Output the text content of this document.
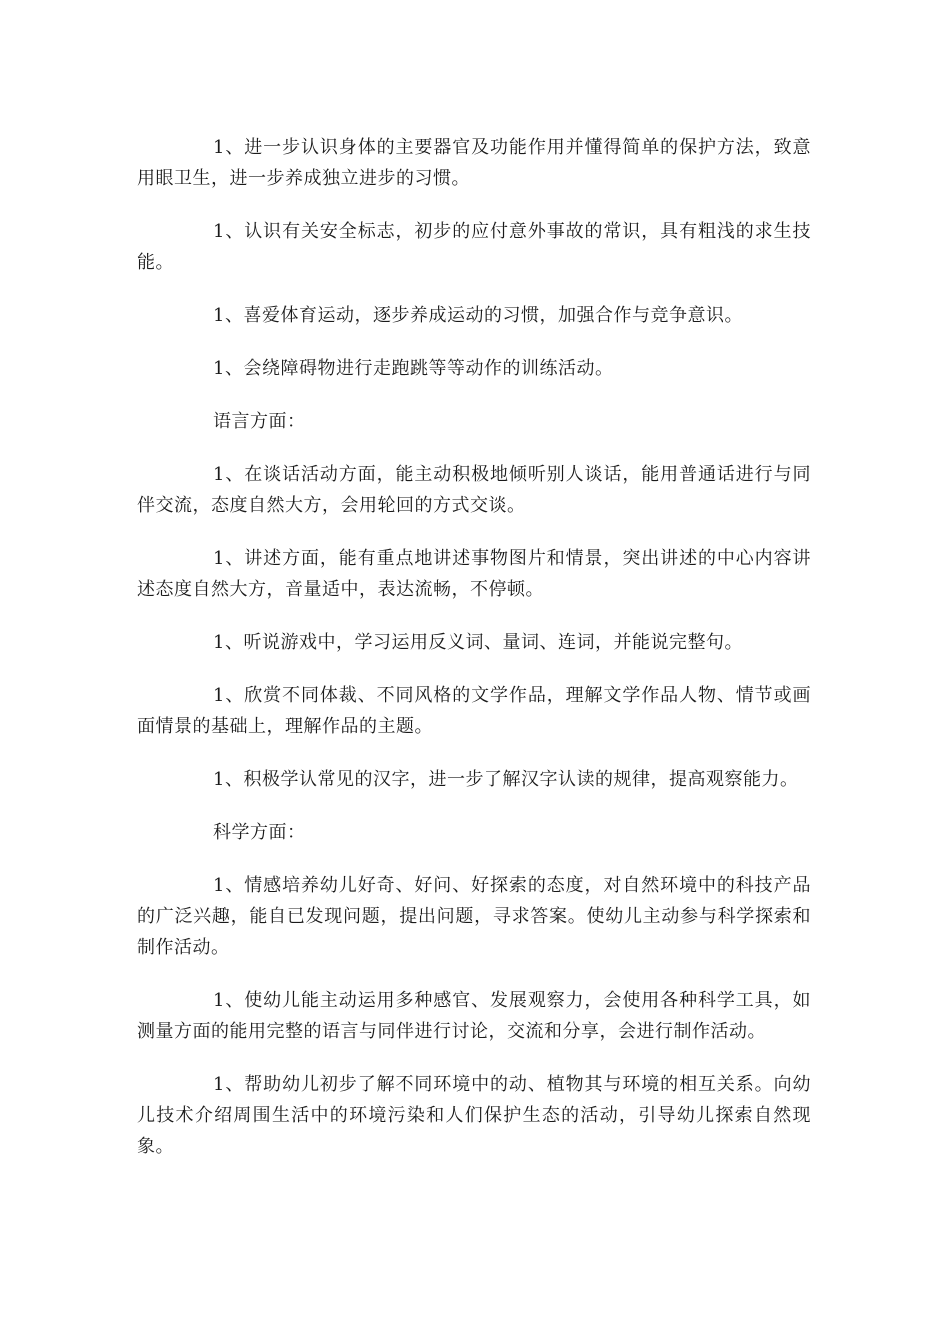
1、进一步认识身体的主要器官及功能作用并懂得简单的保护方法，致意用眼卫生，进一步养成独立进步的习惯。

1、认识有关安全标志，初步的应付意外事故的常识，具有粗浅的求生技能。

1、喜爱体育运动，逐步养成运动的习惯，加强合作与竞争意识。

1、会绕障碍物进行走跑跳等等动作的训练活动。

语言方面：

1、在谈话活动方面，能主动积极地倾听别人谈话，能用普通话进行与同伴交流，态度自然大方，会用轮回的方式交谈。

1、讲述方面，能有重点地讲述事物图片和情景，突出讲述的中心内容讲述态度自然大方，音量适中，表达流畅，不停顿。

1、听说游戏中，学习运用反义词、量词、连词，并能说完整句。

1、欣赏不同体裁、不同风格的文学作品，理解文学作品人物、情节或画面情景的基础上，理解作品的主题。

1、积极学认常见的汉字，进一步了解汉字认读的规律，提高观察能力。

科学方面：

1、情感培养幼儿好奇、好问、好探索的态度，对自然环境中的科技产品的广泛兴趣，能自已发现问题，提出问题，寻求答案。使幼儿主动参与科学探索和制作活动。

1、使幼儿能主动运用多种感官、发展观察力，会使用各种科学工具，如测量方面的能用完整的语言与同伴进行讨论，交流和分享，会进行制作活动。

1、帮助幼儿初步了解不同环境中的动、植物其与环境的相互关系。向幼儿技术介绍周围生活中的环境污染和人们保护生态的活动，引导幼儿探索自然现象。
